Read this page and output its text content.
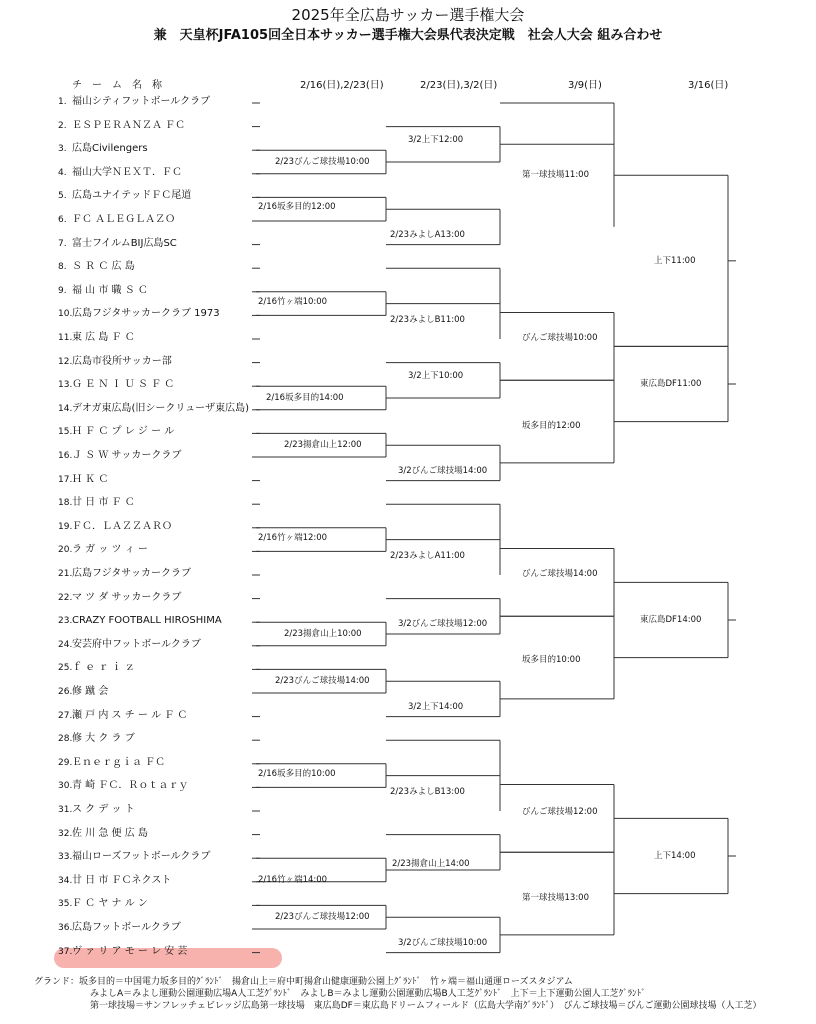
2025年全広島サッカー選手権大会
兼　天皇杯JFA105回全日本サッカー選手権大会県代表決定戦　社会人大会 組み合わせ
チ　ー　ム　名　称	2/16(日),2/23(日)	2/23(日),3/2(日)	3/9(日)	3/16(日)
1. 福山シティフットボールクラブ
2. ＥＳＰＥＲＡＮＺＡ ＦＣ
3. 広島Civilengers
4. 福山大学ＮＥＸＴ．ＦＣ
5. 広島ユナイテッドＦＣ尾道
6. ＦＣ ＡＬＥＧＬＡＺＯ
7. 富士フイルムBIJ広島SC
8. Ｓ Ｒ Ｃ 広 島
9. 福 山 市 職 Ｓ Ｃ
10.広島フジタサッカークラブ 1973
11.東 広 島 Ｆ Ｃ
12.広島市役所サッカー部
13.Ｇ Ｅ Ｎ Ｉ Ｕ Ｓ Ｆ Ｃ
14.デオガ東広島(旧シークリューザ東広島)
15.Ｈ Ｆ Ｃ プ レ ジ ー ル
16.Ｊ Ｓ Ｗ サッカークラブ
17.Ｈ Ｋ Ｃ
18.廿 日 市 Ｆ Ｃ
19.ＦＣ．ＬＡＺＺＡＲＯ
20.ラ ガ ッ ツ ィ ー
21.広島フジタサッカークラブ
22.マ ツ ダ サッカークラブ
23.CRAZY FOOTBALL HIROSHIMA
24.安芸府中フットボールクラブ
25.ｆ ｅ ｒ ｉ ｚ
26.修 蹴 会
27.瀬 戸 内 ス チ ー ル Ｆ Ｃ
28.修 大 ク ラ ブ
29.Ｅｎｅｒｇｉａ ＦＣ
30.青 崎 ＦＣ．Ｒｏｔａｒｙ
31.ス ク デ ッ ト
32.佐 川 急 便 広 島
33.福山ローズフットボールクラブ
34.廿 日 市 ＦＣネクスト
35.Ｆ Ｃ ヤ ナ ル ン
36.広島フットボールクラブ
37.ヴ ァ リ ア モ ー レ 安 芸
2/23びんご球技場10:00
2/16坂多目的12:00
2/16竹ヶ端10:00
2/16坂多目的14:00
2/23揚倉山上12:00
2/16竹ヶ端12:00
2/23揚倉山上10:00
2/23びんご球技場14:00
2/16坂多目的10:00
2/23揚倉山上14:00
2/16竹ヶ端14:00
2/23びんご球技場12:00
3/2上下12:00
2/23みよしA13:00
2/23みよしB11:00
3/2上下10:00
3/2びんご球技場14:00
2/23みよしA11:00
3/2びんご球技場12:00
3/2上下14:00
2/23みよしB13:00
3/2びんご球技場10:00
第一球技場11:00
びんご球技場10:00
坂多目的12:00
びんご球技場14:00
坂多目的10:00
びんご球技場12:00
第一球技場13:00
上下11:00
東広島DF11:00
東広島DF14:00
上下14:00
グランド：坂多目的＝中国電力坂多目的ｸﾞﾗﾝﾄﾞ　揚倉山上＝府中町揚倉山健康運動公園上ｸﾞﾗﾝﾄﾞ　竹ヶ端＝福山通運ローズスタジアム
みよしA＝みよし運動公園運動広場A人工芝ｸﾞﾗﾝﾄﾞ　みよしB＝みよし運動公園運動広場B人工芝ｸﾞﾗﾝﾄﾞ　上下＝上下運動公園人工芝ｸﾞﾗﾝﾄﾞ
第一球技場＝サンフレッチェビレッジ広島第一球技場　東広島DF＝東広島ドリームフィールド（広島大学南ｸﾞﾗﾝﾄﾞ）　びんご球技場＝びんご運動公園球技場（人工芝）
